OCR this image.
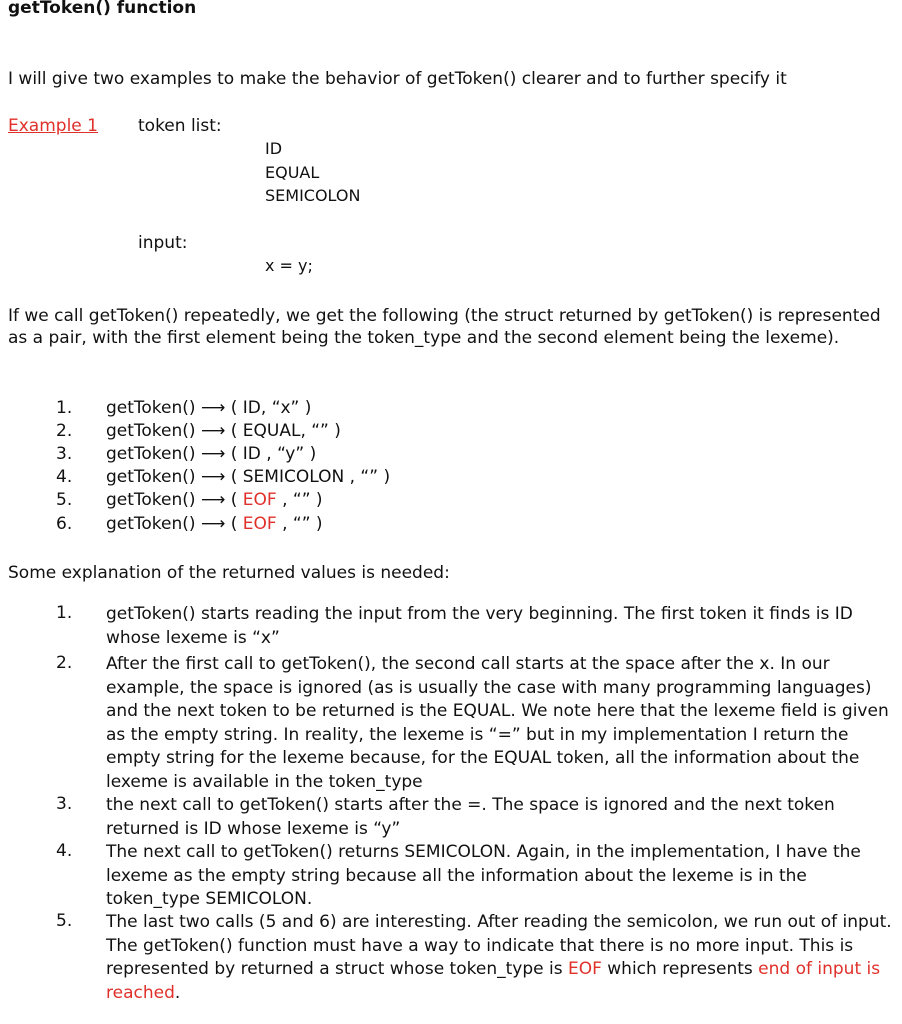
getToken() function
I will give two examples to make the behavior of getToken() clearer and to further specify it
Example 1 token list:
ID
EQUAL
SEMICOLON
input:
x = y;
If we call getToken() repeatedly, we get the following (the struct returned by getToken() is represented as a pair, with the first element being the token_type and the second element being the lexeme).
1. getToken() ⟶ ( ID, “x” )
2. getToken() ⟶ ( EQUAL, “” )
3. getToken() ⟶ ( ID , “y” )
4. getToken() ⟶ ( SEMICOLON , “” )
5. getToken() ⟶ ( EOF , “” )
6. getToken() ⟶ ( EOF , “” )
Some explanation of the returned values is needed:
1. getToken() starts reading the input from the very beginning. The first token it finds is ID whose lexeme is “x”
2. After the first call to getToken(), the second call starts at the space after the x. In our example, the space is ignored (as is usually the case with many programming languages) and the next token to be returned is the EQUAL. We note here that the lexeme field is given as the empty string. In reality, the lexeme is “=” but in my implementation I return the empty string for the lexeme because, for the EQUAL token, all the information about the lexeme is available in the token_type
3. the next call to getToken() starts after the =. The space is ignored and the next token returned is ID whose lexeme is “y”
4. The next call to getToken() returns SEMICOLON. Again, in the implementation, I have the lexeme as the empty string because all the information about the lexeme is in the token_type SEMICOLON.
5. The last two calls (5 and 6) are interesting. After reading the semicolon, we run out of input. The getToken() function must have a way to indicate that there is no more input. This is represented by returned a struct whose token_type is EOF which represents end of input is reached.
